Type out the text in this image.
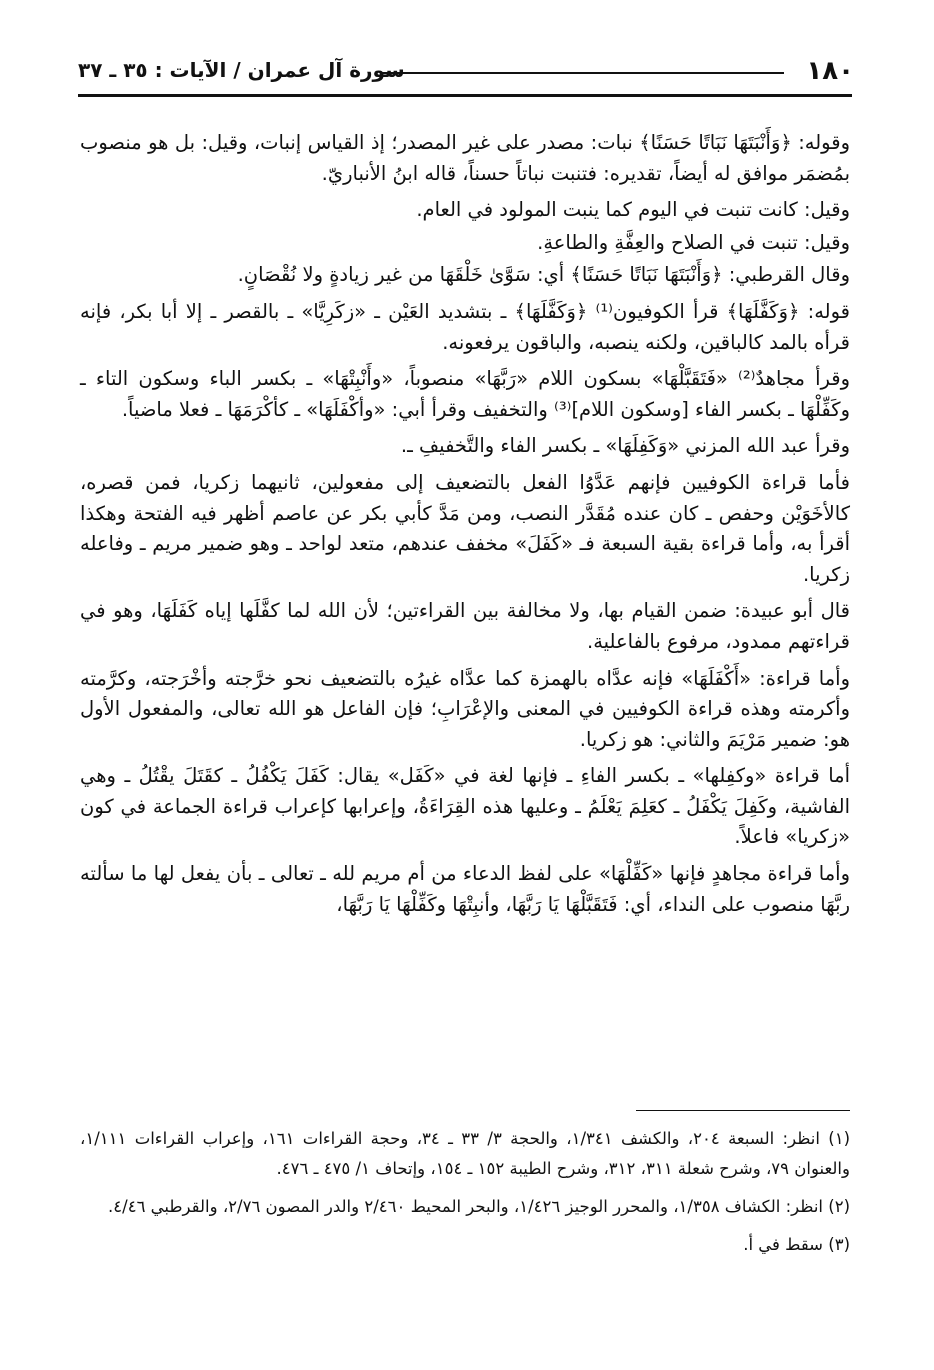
١٨٠
سورة آل عمران / الآيات : ٣٥ ـ ٣٧

وقوله: ﴿وَأَنْبَتَهَا نَبَاتًا حَسَنًا﴾ نبات: مصدر على غير المصدر؛ إذ القياس إنبات، وقيل: بل هو منصوب بمُضمَر موافق له أيضاً، تقديره: فتنبت نباتاً حسناً، قاله ابنُ الأنباريّ.

وقيل: كانت تنبت في اليوم كما ينبت المولود في العام.

وقيل: تنبت في الصلاح والعِفَّةِ والطاعةِ.

وقال القرطبي: ﴿وَأَنْبَتَهَا نَبَاتًا حَسَنًا﴾ أي: سَوَّىٰ خَلْقَهَا من غير زيادةٍ ولا نُقْصَانٍ.

قوله: ﴿وَكَفَّلَهَا﴾ قرأ الكوفيون⁽¹⁾ ﴿وَكَفَّلَهَا﴾ ـ بتشديد العَيْن ـ «زكَرِيَّا» ـ بالقصر ـ إلا أبا بكر، فإنه قرأه بالمد كالباقين، ولكنه ينصبه، والباقون يرفعونه.

وقرأ مجاهدٌ⁽²⁾ «فَتَقَبَّلْهَا» بسكون اللام «رَبَّهَا» منصوباً، «وأَنْبِتْهَا» ـ بكسر الباء وسكون التاء ـ وكَفِّلْهَا ـ بكسر الفاء [وسكون اللام]⁽³⁾ والتخفيف وقرأ أبي: «وأكْفَلَهَا» ـ كأكْرَمَهَا ـ فعلا ماضياً.

وقرأ عبد الله المزني «وَكَفِلَهَا» ـ بكسر الفاء والتَّخفيفِ ـ.

فأما قراءة الكوفيين فإنهم عَدَّوُا الفعل بالتضعيف إلى مفعولين، ثانيهما زكريا، فمن قصره، كالأخَوَيْن وحفص ـ كان عنده مُقَدَّر النصب، ومن مَدَّ كأبي بكر عن عاصم أظهر فيه الفتحة وهكذا أقرأ به، وأما قراءة بقية السبعة فـ «كَفَلَ» مخفف عندهم، متعد لواحد ـ وهو ضمير مريم ـ وفاعله زكريا.

قال أبو عبيدة: ضمن القيام بها، ولا مخالفة بين القراءتين؛ لأن الله لما كفَّلَها إياه كَفَلَهَا، وهو في قراءتهم ممدود، مرفوع بالفاعلية.

وأما قراءة: «أَكْفَلَهَا» فإنه عدَّاه بالهمزة كما عدَّاه غيرُه بالتضعيف نحو خرَّجته وأخْرَجته، وكرَّمته وأكرمته وهذه قراءة الكوفيين في المعنى والإعْرَابِ؛ فإن الفاعل هو الله تعالى، والمفعول الأول هو: ضمير مَرْيَمَ والثاني: هو زكريا.

أما قراءة «وكفِلها» ـ بكسر الفاءِ ـ فإنها لغة في «كَفَل» يقال: كَفَلَ يَكْفُلُ ـ كقَتَلَ يقْتُلُ ـ وهي الفاشية، وكَفِلَ يَكْفَلُ ـ كعَلِمَ يَعْلَمُ ـ وعليها هذه القِرَاءَةُ، وإعرابها كإعراب قراءة الجماعة في كون «زكريا» فاعلاً.

وأما قراءة مجاهدٍ فإنها «كَفِّلْهَا» على لفظ الدعاء من أم مريم لله ـ تعالى ـ بأن يفعل لها ما سألته ربَّهَا منصوب على النداء، أي: فَتَقَبَّلْهَا يَا رَبَّهَا، وأنبِتْهَا وكَفِّلْهَا يَا رَبَّهَا،

(١) انظر: السبعة ٢٠٤، والكشف ١/٣٤١، والحجة ٣/ ٣٣ ـ ٣٤، وحجة القراءات ١٦١، وإعراب القراءات ١/١١١، والعنوان ٧٩، وشرح شعلة ٣١١، ٣١٢، وشرح الطيبة ١٥٢ ـ ١٥٤، وإتحاف ١/ ٤٧٥ ـ ٤٧٦.

(٢) انظر: الكشاف ١/٣٥٨، والمحرر الوجيز ١/٤٢٦، والبحر المحيط ٢/٤٦٠ والدر المصون ٢/٧٦، والقرطبي ٤/٤٦.

(٣) سقط في أ.
